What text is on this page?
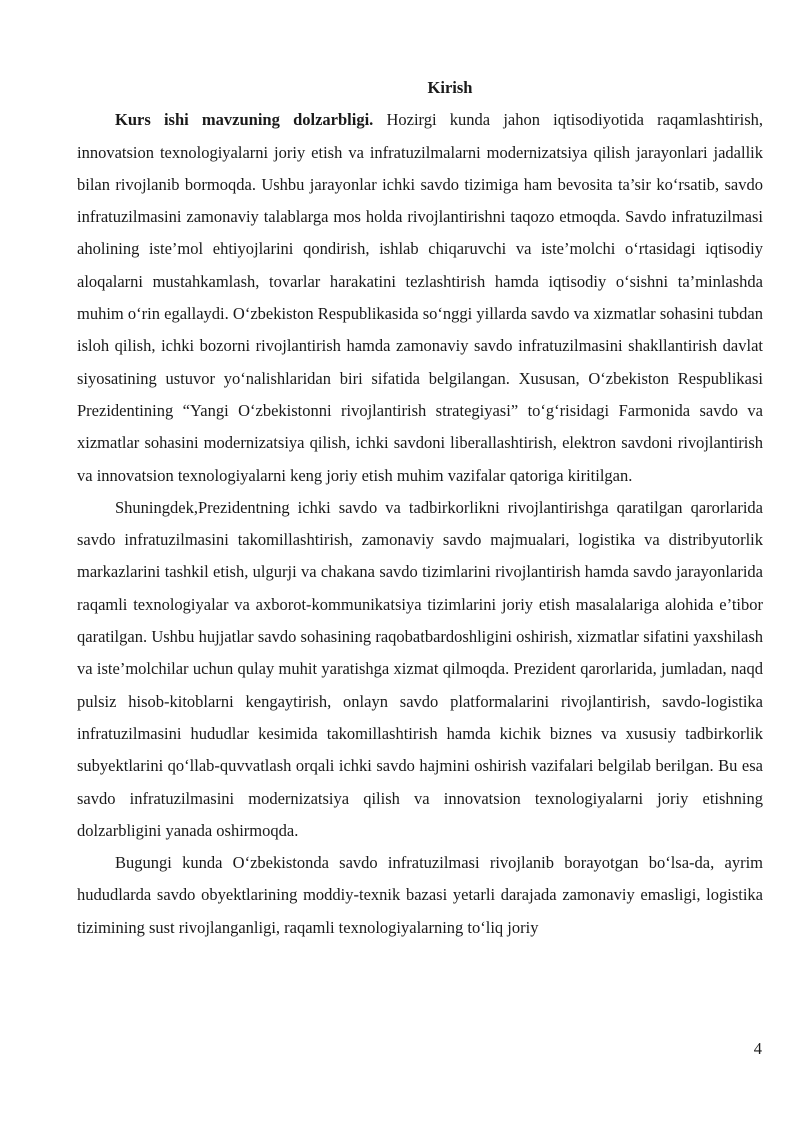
Kirish

Kurs ishi mavzuning dolzarbligi. Hozirgi kunda jahon iqtisodiyotida raqamlashtirish, innovatsion texnologiyalarni joriy etish va infratuzilmalarni modernizatsiya qilish jarayonlari jadallik bilan rivojlanib bormoqda. Ushbu jarayonlar ichki savdo tizimiga ham bevosita ta’sir ko‘rsatib, savdo infratuzilmasini zamonaviy talablarga mos holda rivojlantirishni taqozo etmoqda. Savdo infratuzilmasi aholining iste’mol ehtiyojlarini qondirish, ishlab chiqaruvchi va iste’molchi o‘rtasidagi iqtisodiy aloqalarni mustahkamlash, tovarlar harakatini tezlashtirish hamda iqtisodiy o‘sishni ta’minlashda muhim o‘rin egallaydi. O‘zbekiston Respublikasida so‘nggi yillarda savdo va xizmatlar sohasini tubdan isloh qilish, ichki bozorni rivojlantirish hamda zamonaviy savdo infratuzilmasini shakllantirish davlat siyosatining ustuvor yo‘nalishlaridan biri sifatida belgilangan. Xususan, O‘zbekiston Respublikasi Prezidentining “Yangi O‘zbekistonni rivojlantirish strategiyasi” to‘g‘risidagi Farmonida savdo va xizmatlar sohasini modernizatsiya qilish, ichki savdoni liberallashtirish, elektron savdoni rivojlantirish va innovatsion texnologiyalarni keng joriy etish muhim vazifalar qatoriga kiritilgan.

Shuningdek,Prezidentning ichki savdo va tadbirkorlikni rivojlantirishga qaratilgan qarorlarida savdo infratuzilmasini takomillashtirish, zamonaviy savdo majmualari, logistika va distribyutorlik markazlarini tashkil etish, ulgurji va chakana savdo tizimlarini rivojlantirish hamda savdo jarayonlarida raqamli texnologiyalar va axborot-kommunikatsiya tizimlarini joriy etish masalalariga alohida e’tibor qaratilgan. Ushbu hujjatlar savdo sohasining raqobatbardoshligini oshirish, xizmatlar sifatini yaxshilash va iste’molchilar uchun qulay muhit yaratishga xizmat qilmoqda. Prezident qarorlarida, jumladan, naqd pulsiz hisob-kitoblarni kengaytirish, onlayn savdo platformalarini rivojlantirish, savdo-logistika infratuzilmasini hududlar kesimida takomillashtirish hamda kichik biznes va xususiy tadbirkorlik subyektlarini qo‘llab-quvvatlash orqali ichki savdo hajmini oshirish vazifalari belgilab berilgan. Bu esa savdo infratuzilmasini modernizatsiya qilish va innovatsion texnologiyalarni joriy etishning dolzarbligini yanada oshirmoqda.

Bugungi kunda O‘zbekistonda savdo infratuzilmasi rivojlanib borayotgan bo‘lsa-da, ayrim hududlarda savdo obyektlarining moddiy-texnik bazasi yetarli darajada zamonaviy emasligi, logistika tizimining sust rivojlanganligi, raqamli texnologiyalarning to‘liq joriy

4
